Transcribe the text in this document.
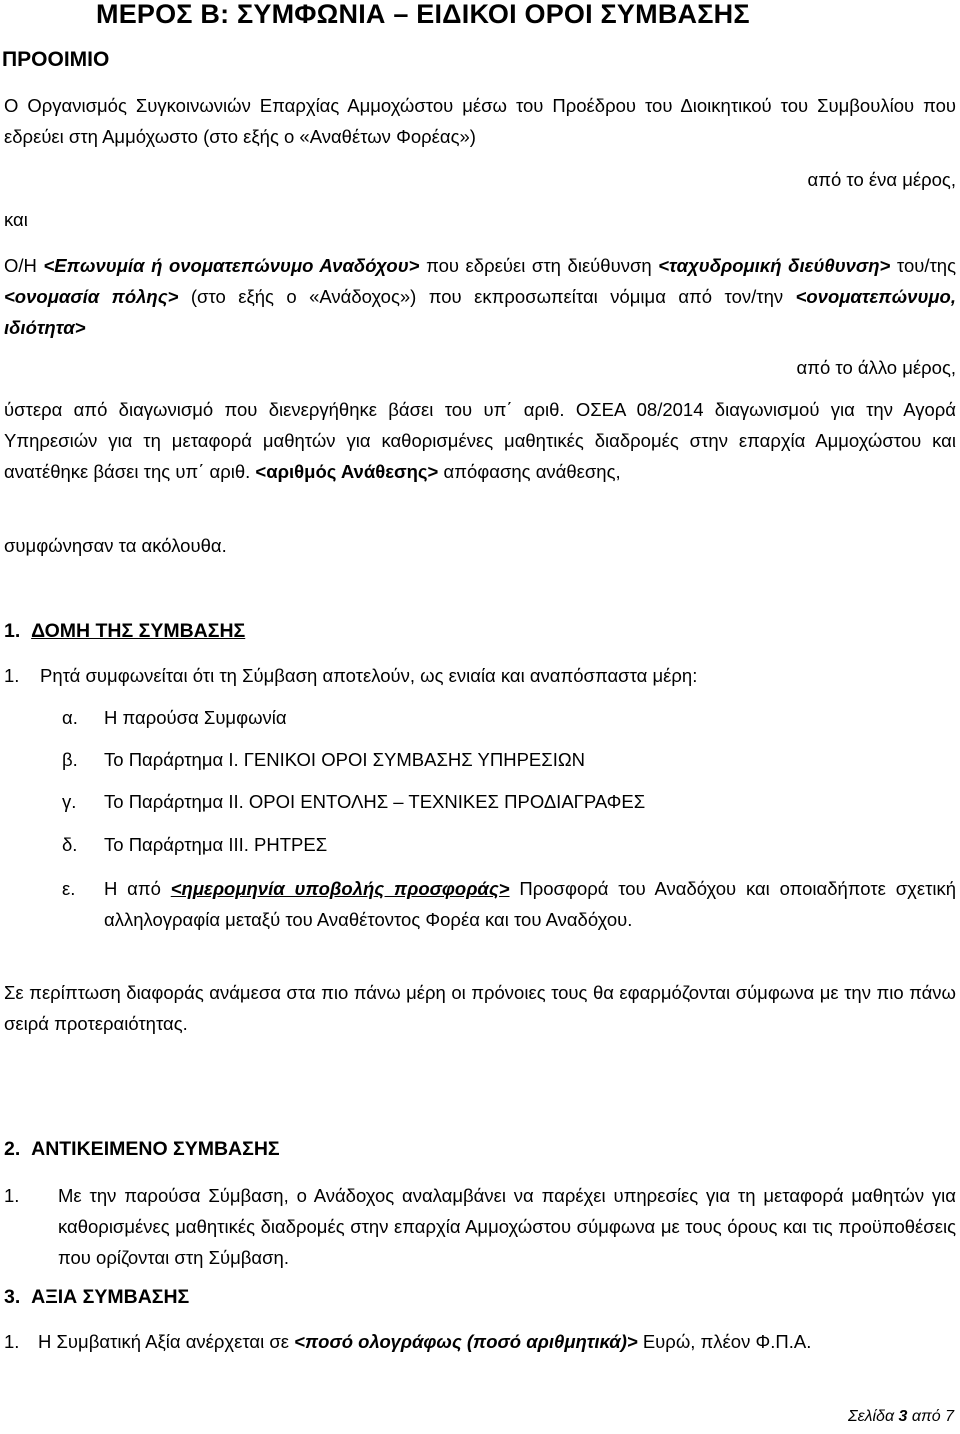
ΜΕΡΟΣ Β: ΣΥΜΦΩΝΙΑ – ΕΙΔΙΚΟΙ ΟΡΟΙ ΣΥΜΒΑΣΗΣ
ΠΡΟΟΙΜΙΟ
Ο Οργανισμός Συγκοινωνιών Επαρχίας Αμμοχώστου μέσω του Προέδρου του Διοικητικού του Συμβουλίου που εδρεύει στη Αμμόχωστο (στο εξής ο «Αναθέτων Φορέας»)
από το ένα μέρος,
και
Ο/Η <Επωνυμία ή ονοματεπώνυμο Αναδόχου> που εδρεύει στη διεύθυνση <ταχυδρομική διεύθυνση> του/της <ονομασία πόλης> (στο εξής ο «Ανάδοχος») που εκπροσωπείται νόμιμα από τον/την <ονοματεπώνυμο, ιδιότητα>
από το άλλο μέρος,
ύστερα από διαγωνισμό που διενεργήθηκε βάσει του υπ΄ αριθ. ΟΣΕΑ 08/2014 διαγωνισμού για την Αγορά Υπηρεσιών για τη μεταφορά μαθητών για καθορισμένες μαθητικές διαδρομές στην επαρχία Αμμοχώστου και ανατέθηκε βάσει της υπ΄ αριθ. <αριθμός Ανάθεσης> απόφασης ανάθεσης,
συμφώνησαν τα ακόλουθα.
1. ΔΟΜΗ ΤΗΣ ΣΥΜΒΑΣΗΣ
1.	Ρητά συμφωνείται ότι τη Σύμβαση αποτελούν, ως ενιαία και αναπόσπαστα μέρη:
α.	Η παρούσα Συμφωνία
β.	Το Παράρτημα Ι. ΓΕΝΙΚΟΙ ΟΡΟΙ ΣΥΜΒΑΣΗΣ ΥΠΗΡΕΣΙΩΝ
γ.	Το Παράρτημα ΙΙ. ΟΡΟΙ ΕΝΤΟΛΗΣ – ΤΕΧΝΙΚΕΣ ΠΡΟΔΙΑΓΡΑΦΕΣ
δ.	Το Παράρτημα ΙΙΙ. ΡΗΤΡΕΣ
ε.	Η από <ημερομηνία υποβολής προσφοράς> Προσφορά του Αναδόχου και οποιαδήποτε σχετική αλληλογραφία μεταξύ του Αναθέτοντος Φορέα και του Αναδόχου.
Σε περίπτωση διαφοράς ανάμεσα στα πιο πάνω μέρη οι πρόνοιες τους θα εφαρμόζονται σύμφωνα με την πιο πάνω σειρά προτεραιότητας.
2. ΑΝΤΙΚΕΙΜΕΝΟ ΣΥΜΒΑΣΗΣ
1.	Με την παρούσα Σύμβαση, ο Ανάδοχος αναλαμβάνει να παρέχει υπηρεσίες για τη μεταφορά μαθητών για καθορισμένες μαθητικές διαδρομές στην επαρχία Αμμοχώστου σύμφωνα με τους όρους και τις προϋποθέσεις που ορίζονται στη Σύμβαση.
3. ΑΞΙΑ ΣΥΜΒΑΣΗΣ
1.	Η Συμβατική Αξία ανέρχεται σε <ποσό ολογράφως (ποσό αριθμητικά)> Ευρώ, πλέον Φ.Π.Α.
Σελίδα 3 από 7
